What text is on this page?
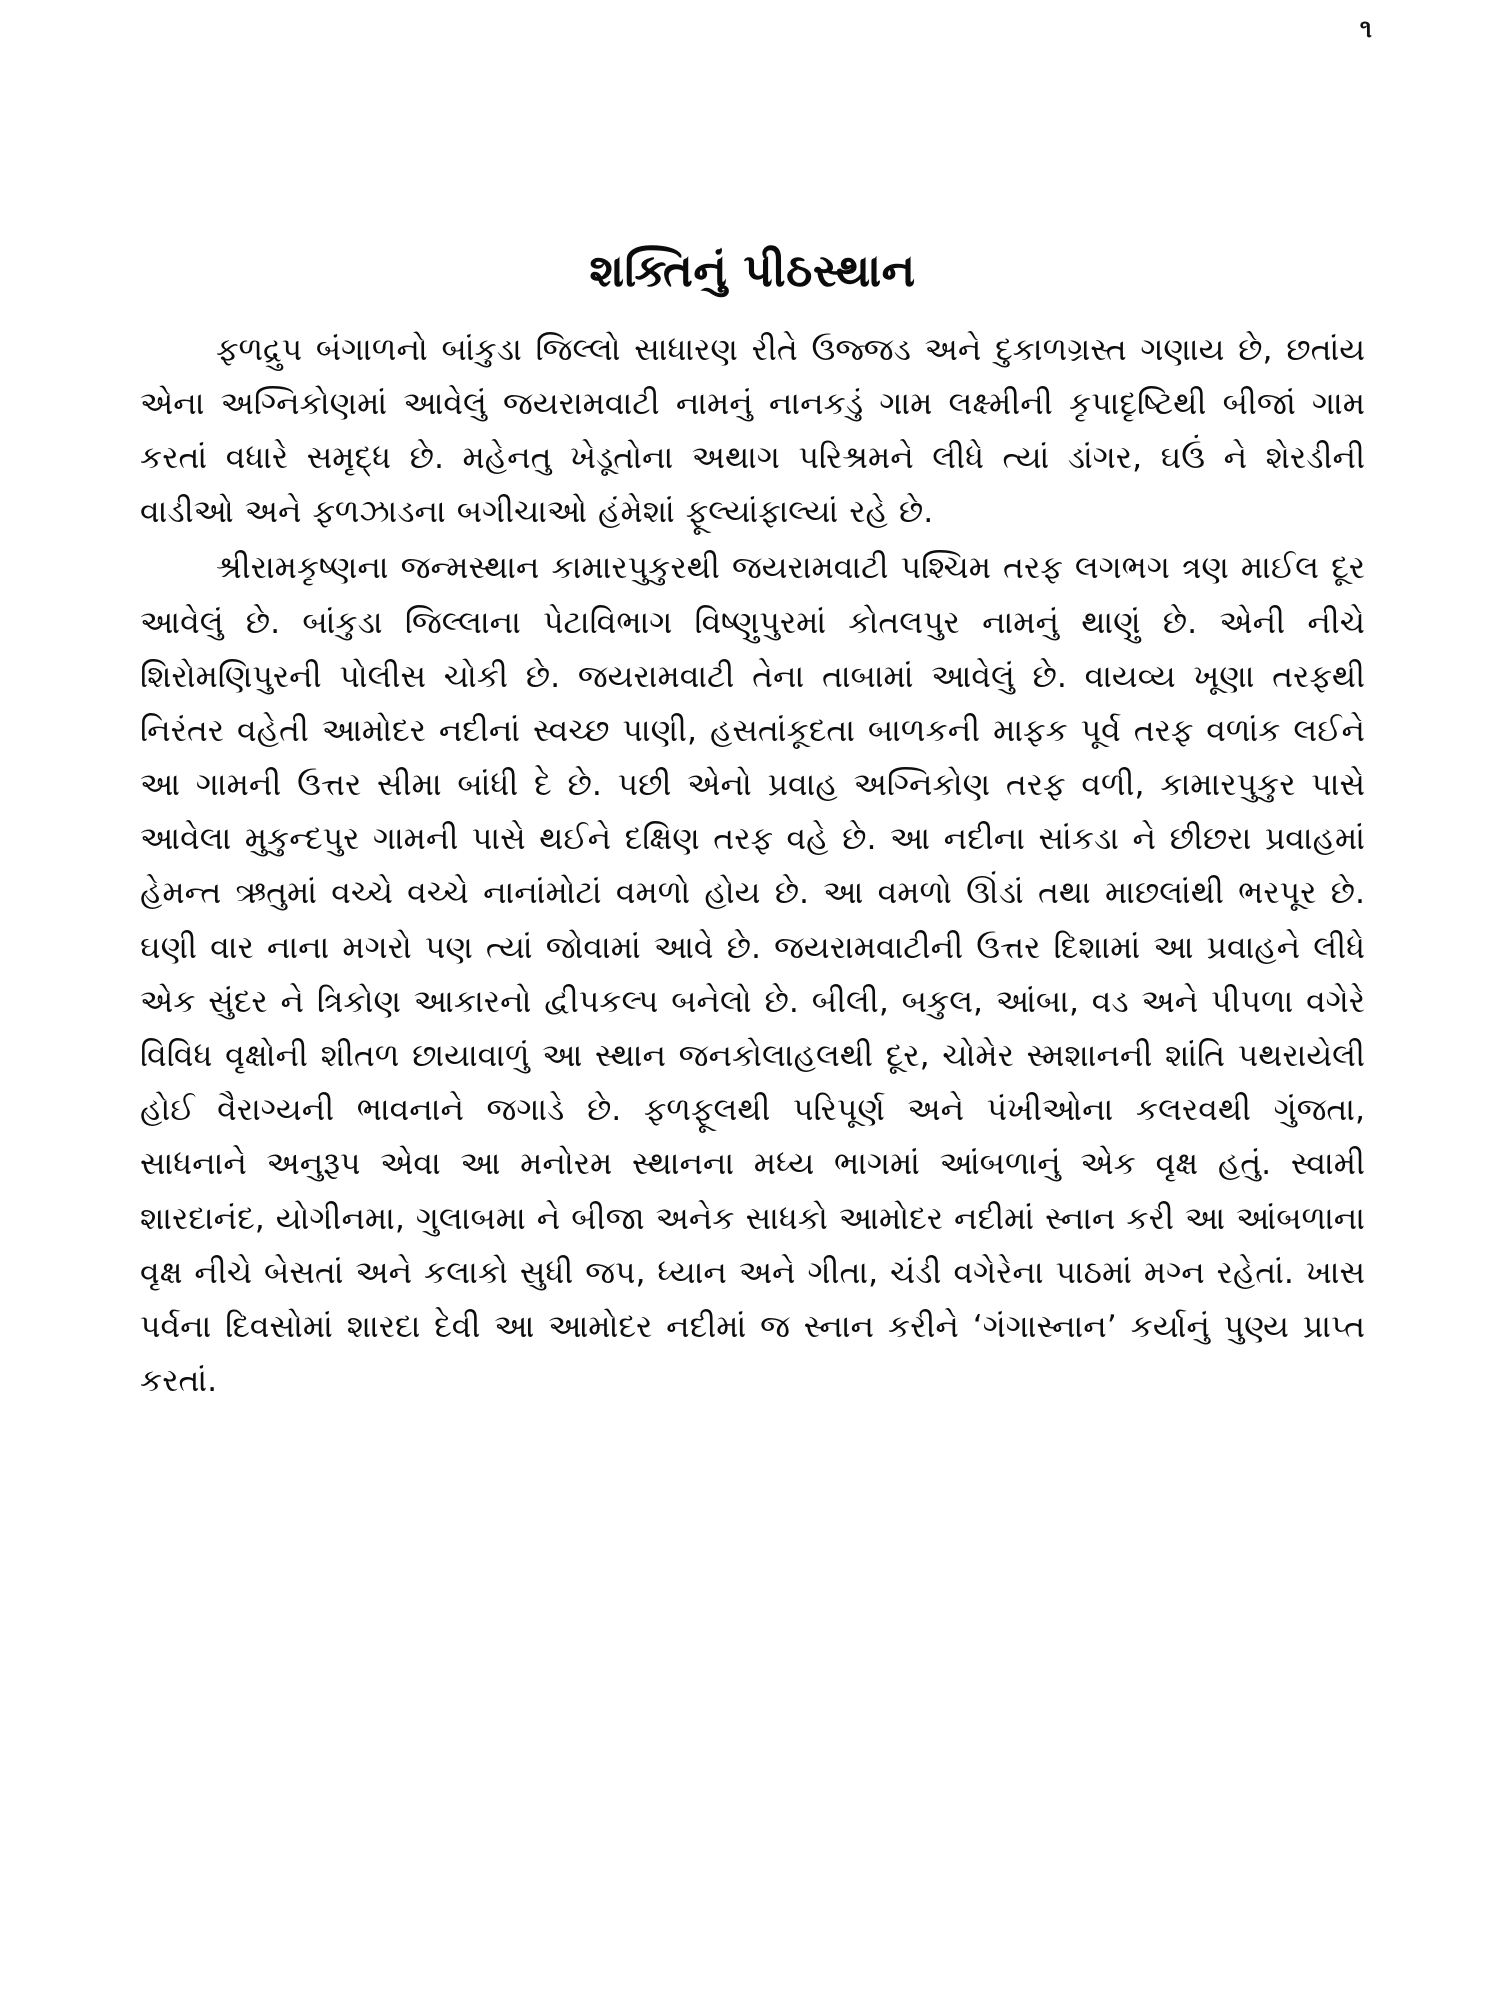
૧
શક્તિનું પીઠસ્થાન

ફળદ્રુપ બંગાળનો બાંકુડા જિલ્લો સાધારણ રીતે ઉજ્જડ અને દુકાળગ્રસ્ત ગણાય છે, છતાંય એના અગ્નિકોણમાં આવેલું જયરામવાટી નામનું નાનકડું ગામ લક્ષ્મીની કૃપાદૃષ્ટિથી બીજાં ગામ કરતાં વધારે સમૃદ્ધ છે. મહેનતુ ખેડૂતોના અથાગ પરિશ્રમને લીધે ત્યાં ડાંગર, ઘઉં ને શેરડીની વાડીઓ અને ફળઝાડના બગીચાઓ હંમેશાં ફૂલ્યાંફાલ્યાં રહે છે.

શ્રીરામકૃષ્ણના જન્મસ્થાન કામારપુકુરથી જયરામવાટી પશ્ચિમ તરફ લગભગ ત્રણ માઈલ દૂર આવેલું છે. બાંકુડા જિલ્લાના પેટાવિભાગ વિષ્ણુપુરમાં કોતલપુર નામનું થાણું છે. એની નીચે શિરોમણિપુરની પોલીસ ચોકી છે. જયરામવાટી તેના તાબામાં આવેલું છે. વાયવ્ય ખૂણા તરફથી નિરંતર વહેતી આમોદર નદીનાં સ્વચ્છ પાણી, હસતાંકૂદતા બાળકની માફક પૂર્વ તરફ વળાંક લઈને આ ગામની ઉત્તર સીમા બાંધી દે છે. પછી એનો પ્રવાહ અગ્નિકોણ તરફ વળી, કામારપુકુર પાસે આવેલા મુકુન્દપુર ગામની પાસે થઈને દક્ષિણ તરફ વહે છે. આ નદીના સાંકડા ને છીછરા પ્રવાહમાં હેમન્ત ઋતુમાં વચ્ચે વચ્ચે નાનાંમોટાં વમળો હોય છે. આ વમળો ઊંડાં તથા માછલાંથી ભરપૂર છે. ઘણી વાર નાના મગરો પણ ત્યાં જોવામાં આવે છે. જયરામવાટીની ઉત્તર દિશામાં આ પ્રવાહને લીધે એક સુંદર ને ત્રિકોણ આકારનો દ્વીપકલ્પ બનેલો છે. બીલી, બકુલ, આંબા, વડ અને પીપળા વગેરે વિવિધ વૃક્ષોની શીતળ છાયાવાળું આ સ્થાન જનકોલાહલથી દૂર, ચોમેર સ્મશાનની શાંતિ પથરાયેલી હોઈ વૈરાગ્યની ભાવનાને જગાડે છે. ફળફૂલથી પરિપૂર્ણ અને પંખીઓના કલરવથી ગુંજતા, સાધનાને અનુરૂપ એવા આ મનોરમ સ્થાનના મધ્ય ભાગમાં આંબળાનું એક વૃક્ષ હતું. સ્વામી શારદાનંદ, યોગીનમા, ગુલાબમા ને બીજા અનેક સાધકો આમોદર નદીમાં સ્નાન કરી આ આંબળાના વૃક્ષ નીચે બેસતાં અને કલાકો સુધી જપ, ધ્યાન અને ગીતા, ચંડી વગેરેના પાઠમાં મગ્ન રહેતાં. ખાસ પર્વના દિવસોમાં શારદા દેવી આ આમોદર નદીમાં જ સ્નાન કરીને ‘ગંગાસ્નાન’ કર્યાનું પુણ્ય પ્રાપ્ત કરતાં.
